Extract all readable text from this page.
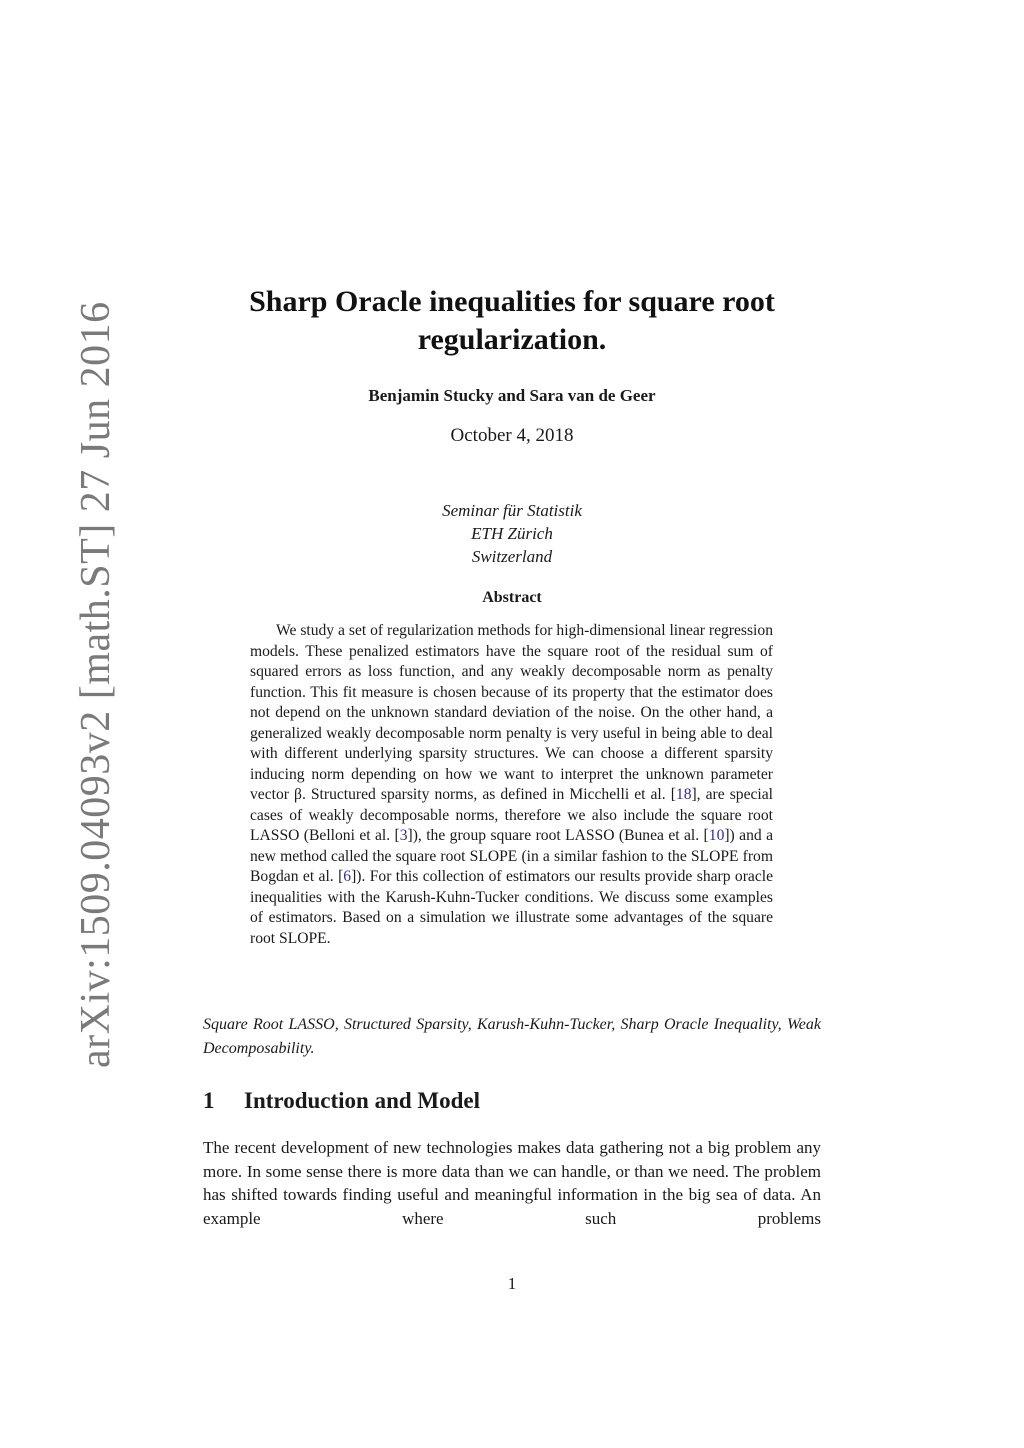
arXiv:1509.04093v2 [math.ST] 27 Jun 2016	Sharp Oracle inequalities for square root regularization.
Benjamin Stucky and Sara van de Geer
October 4, 2018
Seminar für Statistik
ETH Zürich
Switzerland
Abstract
We study a set of regularization methods for high-dimensional linear regression models. These penalized estimators have the square root of the residual sum of squared errors as loss function, and any weakly decomposable norm as penalty function. This fit measure is chosen because of its property that the estimator does not depend on the unknown standard deviation of the noise. On the other hand, a generalized weakly decomposable norm penalty is very useful in being able to deal with different underlying sparsity structures. We can choose a different sparsity inducing norm depending on how we want to interpret the unknown parameter vector β. Structured sparsity norms, as defined in Micchelli et al. [18], are special cases of weakly decomposable norms, therefore we also include the square root LASSO (Belloni et al. [3]), the group square root LASSO (Bunea et al. [10]) and a new method called the square root SLOPE (in a similar fashion to the SLOPE from Bogdan et al. [6]). For this collection of estimators our results provide sharp oracle inequalities with the Karush-Kuhn-Tucker conditions. We discuss some examples of estimators. Based on a simulation we illustrate some advantages of the square root SLOPE.
Square Root LASSO, Structured Sparsity, Karush-Kuhn-Tucker, Sharp Oracle Inequality, Weak Decomposability.
1 Introduction and Model
The recent development of new technologies makes data gathering not a big problem any more. In some sense there is more data than we can handle, or than we need. The problem has shifted towards finding useful and meaningful information in the big sea of data. An example where such problems
1
